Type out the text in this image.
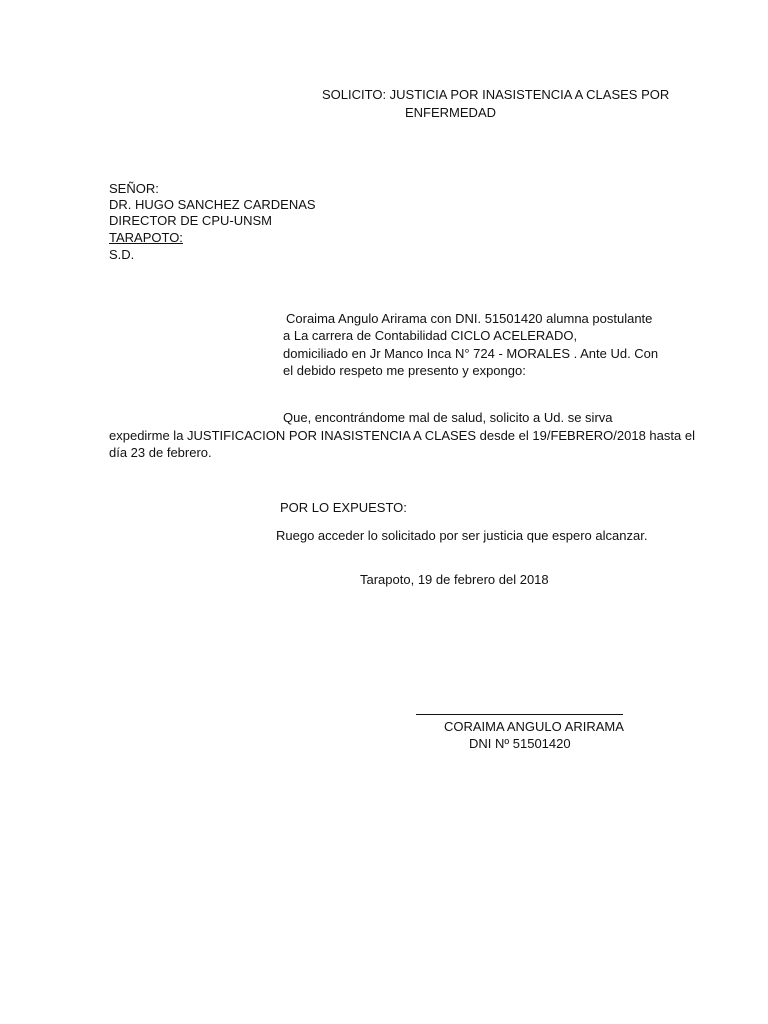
SOLICITO: JUSTICIA POR INASISTENCIA A CLASES POR
ENFERMEDAD
SEÑOR:
DR. HUGO SANCHEZ CARDENAS
DIRECTOR DE CPU-UNSM
TARAPOTO:
S.D.
Coraima Angulo Arirama con DNI. 51501420 alumna postulante
a La carrera de Contabilidad CICLO ACELERADO,
domiciliado en Jr Manco Inca N° 724 - MORALES . Ante Ud. Con
el debido respeto me presento y expongo:
Que, encontrándome mal de salud, solicito a Ud. se sirva
expedirme la JUSTIFICACION POR INASISTENCIA A CLASES desde el 19/FEBRERO/2018 hasta el
día 23 de febrero.
POR LO EXPUESTO:
Ruego acceder lo solicitado por ser justicia que espero alcanzar.
Tarapoto, 19 de febrero del 2018
CORAIMA ANGULO ARIRAMA
DNI Nº 51501420
